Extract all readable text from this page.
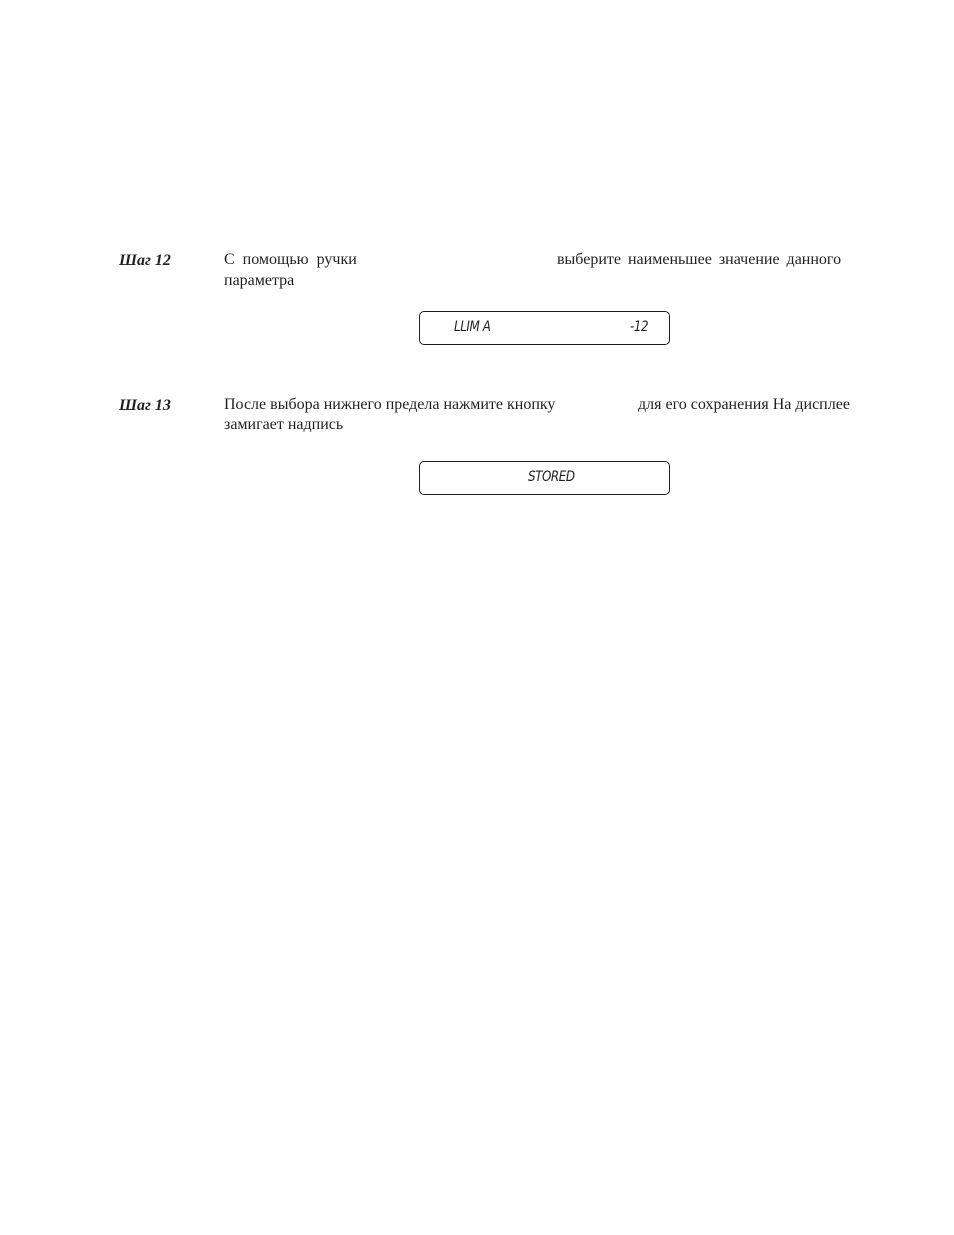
Шаг 12	С помощью ручки	выберите наименьшее значение данного
параметра
LLIM A	-12
Шаг 13	После выбора нижнего предела нажмите кнопку	для его сохранения На дисплее
замигает надпись
STORED
